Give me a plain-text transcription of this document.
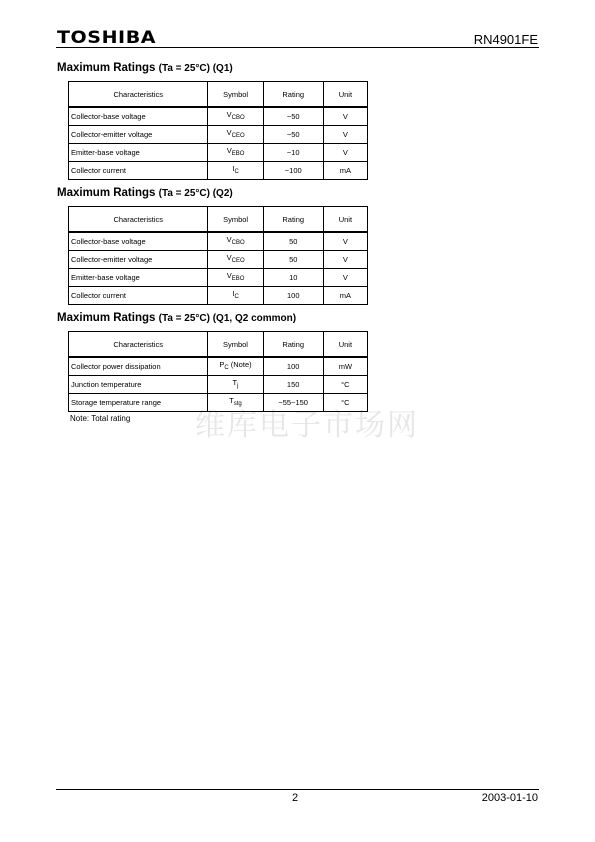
TOSHIBA	RN4901FE
维库电子市场网
Maximum Ratings (Ta = 25°C) (Q1)
Characteristics	Symbol	Rating	Unit
Collector-base voltage	$V_{CBO}$	−50	V
Collector-emitter voltage	$V_{CEO}$	−50	V
Emitter-base voltage	$V_{EBO}$	−10	V
Collector current	$I_C$	−100	mA
Maximum Ratings (Ta = 25°C) (Q2)
Characteristics	Symbol	Rating	Unit
Collector-base voltage	$V_{CBO}$	50	V
Collector-emitter voltage	$V_{CEO}$	50	V
Emitter-base voltage	$V_{EBO}$	10	V
Collector current	$I_C$	100	mA
Maximum Ratings (Ta = 25°C) (Q1, Q2 common)
Characteristics	Symbol	Rating	Unit
Collector power dissipation	$P_C$ (Note)	100	mW
Junction temperature	$T_j$	150	°C
Storage temperature range	$T_{stg}$	−55~150	°C
Note: Total rating
2	2003-01-10
